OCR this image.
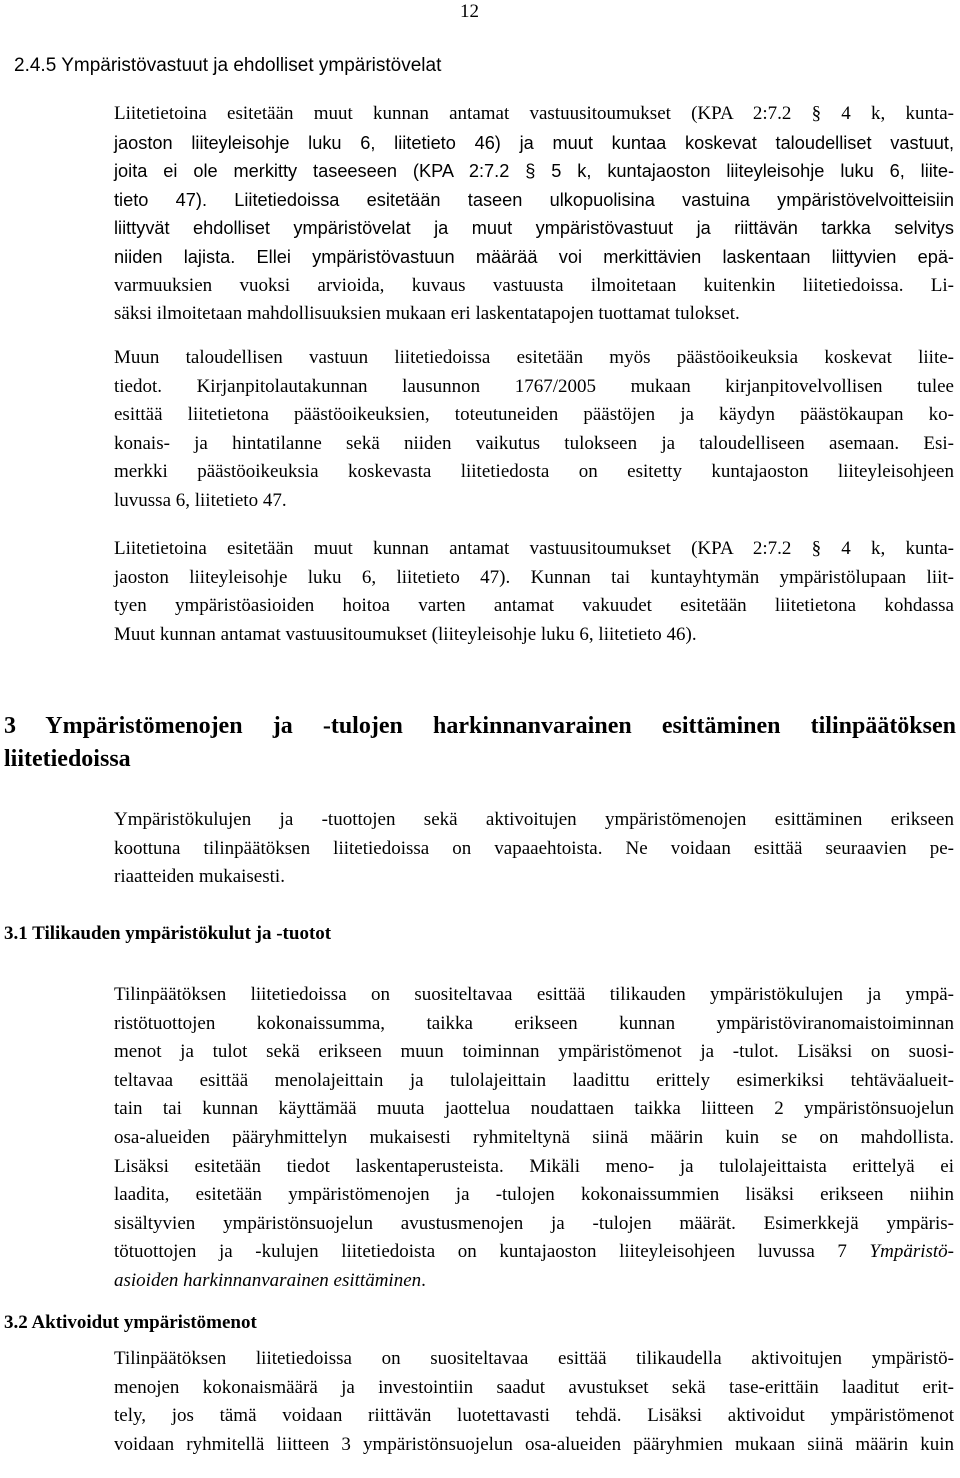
12
2.4.5 Ympäristövastuut ja ehdolliset ympäristövelat
Liitetietoina esitetään muut kunnan antamat vastuusitoumukset (KPA 2:7.2 § 4 k, kunta-
jaoston liiteyleisohje luku 6, liitetieto 46) ja muut kuntaa koskevat taloudelliset vastuut,
joita ei ole merkitty taseeseen (KPA 2:7.2 § 5 k, kuntajaoston liiteyleisohje luku 6, liite-
tieto 47). Liitetiedoissa esitetään taseen ulkopuolisina vastuina ympäristövelvoitteisiin
liittyvät ehdolliset ympäristövelat ja muut ympäristövastuut ja riittävän tarkka selvitys
niiden lajista. Ellei ympäristövastuun määrää voi merkittävien laskentaan liittyvien epä-
varmuuksien vuoksi arvioida, kuvaus vastuusta ilmoitetaan kuitenkin liitetiedoissa. Li-
säksi ilmoitetaan mahdollisuuksien mukaan eri laskentatapojen tuottamat tulokset.
Muun taloudellisen vastuun liitetiedoissa esitetään myös päästöoikeuksia koskevat liite-
tiedot. Kirjanpitolautakunnan lausunnon 1767/2005 mukaan kirjanpitovelvollisen tulee
esittää liitetietona päästöoikeuksien, toteutuneiden päästöjen ja käydyn päästökaupan ko-
konais- ja hintatilanne sekä niiden vaikutus tulokseen ja taloudelliseen asemaan. Esi-
merkki päästöoikeuksia koskevasta liitetiedosta on esitetty kuntajaoston liiteyleisohjeen
luvussa 6, liitetieto 47.
Liitetietoina esitetään muut kunnan antamat vastuusitoumukset (KPA 2:7.2 § 4 k, kunta-
jaoston liiteyleisohje luku 6, liitetieto 47). Kunnan tai kuntayhtymän ympäristölupaan liit-
tyen ympäristöasioiden hoitoa varten antamat vakuudet esitetään liitetietona kohdassa
Muut kunnan antamat vastuusitoumukset (liiteyleisohje luku 6, liitetieto 46).
3 Ympäristömenojen ja -tulojen harkinnanvarainen esittäminen tilinpäätöksen
liitetiedoissa
Ympäristökulujen ja -tuottojen sekä aktivoitujen ympäristömenojen esittäminen erikseen
koottuna tilinpäätöksen liitetiedoissa on vapaaehtoista. Ne voidaan esittää seuraavien pe-
riaatteiden mukaisesti.
3.1 Tilikauden ympäristökulut ja -tuotot
Tilinpäätöksen liitetiedoissa on suositeltavaa esittää tilikauden ympäristökulujen ja ympä-
ristötuottojen kokonaissumma, taikka erikseen kunnan ympäristöviranomaistoiminnan
menot ja tulot sekä erikseen muun toiminnan ympäristömenot ja -tulot. Lisäksi on suosi-
teltavaa esittää menolajeittain ja tulolajeittain laadittu erittely esimerkiksi tehtäväalueit-
tain tai kunnan käyttämää muuta jaottelua noudattaen taikka liitteen 2 ympäristönsuojelun
osa-alueiden pääryhmittelyn mukaisesti ryhmiteltynä siinä määrin kuin se on mahdollista.
Lisäksi esitetään tiedot laskentaperusteista. Mikäli meno- ja tulolajeittaista erittelyä ei
laadita, esitetään ympäristömenojen ja -tulojen kokonaissummien lisäksi erikseen niihin
sisältyvien ympäristönsuojelun avustusmenojen ja -tulojen määrät. Esimerkkejä ympäris-
tötuottojen ja -kulujen liitetiedoista on kuntajaoston liiteyleisohjeen luvussa 7 Ympäristö-
asioiden harkinnanvarainen esittäminen.
3.2 Aktivoidut ympäristömenot
Tilinpäätöksen liitetiedoissa on suositeltavaa esittää tilikaudella aktivoitujen ympäristö-
menojen kokonaismäärä ja investointiin saadut avustukset sekä tase-erittäin laaditut erit-
tely, jos tämä voidaan riittävän luotettavasti tehdä. Lisäksi aktivoidut ympäristömenot
voidaan ryhmitellä liitteen 3 ympäristönsuojelun osa-alueiden pääryhmien mukaan siinä määrin kuin
